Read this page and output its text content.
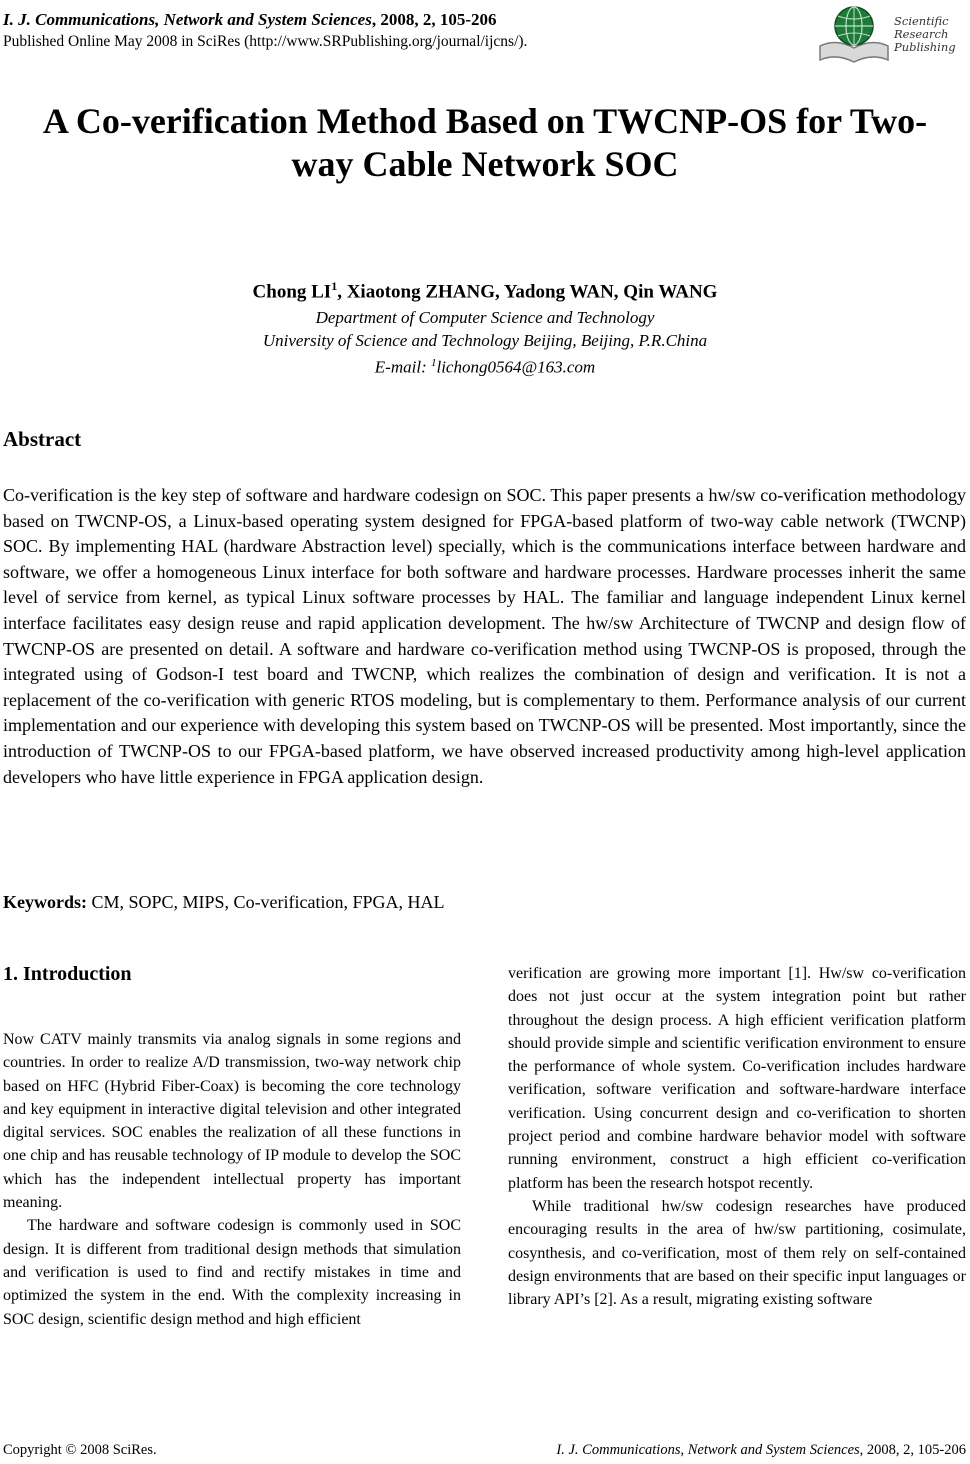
I. J. Communications, Network and System Sciences, 2008, 2, 105-206
Published Online May 2008 in SciRes (http://www.SRPublishing.org/journal/ijcns/).
Scientific
Research
Publishing
A Co-verification Method Based on TWCNP-OS for Two-
way Cable Network SOC
Chong $LI^1$, Xiaotong ZHANG, Yadong WAN, Qin WANG
Department of Computer Science and Technology
University of Science and Technology Beijing, Beijing, P.R.China
E-mail: $^1$lichong0564@163.com
Abstract
Co-verification is the key step of software and hardware codesign on SOC. This paper presents a hw/sw co-verification methodology based on TWCNP-OS, a Linux-based operating system designed for FPGA-based platform of two-way cable network (TWCNP) SOC. By implementing HAL (hardware Abstraction level) specially, which is the communications interface between hardware and software, we offer a homogeneous Linux interface for both software and hardware processes. Hardware processes inherit the same level of service from kernel, as typical Linux software processes by HAL. The familiar and language independent Linux kernel interface facilitates easy design reuse and rapid application development. The hw/sw Architecture of TWCNP and design flow of TWCNP-OS are presented on detail. A software and hardware co-verification method using TWCNP-OS is proposed, through the integrated using of Godson-I test board and TWCNP, which realizes the combination of design and verification. It is not a replacement of the co-verification with generic RTOS modeling, but is complementary to them. Performance analysis of our current implementation and our experience with developing this system based on TWCNP-OS will be presented. Most importantly, since the introduction of TWCNP-OS to our FPGA-based platform, we have observed increased productivity among high-level application developers who have little experience in FPGA application design.
Keywords: CM, SOPC, MIPS, Co-verification, FPGA, HAL
1. Introduction

Now CATV mainly transmits via analog signals in some regions and countries. In order to realize A/D transmission, two-way network chip based on HFC (Hybrid Fiber-Coax) is becoming the core technology and key equipment in interactive digital television and other integrated digital services. SOC enables the realization of all these functions in one chip and has reusable technology of IP module to develop the SOC which has the independent intellectual property has important meaning.

The hardware and software codesign is commonly used in SOC design. It is different from traditional design methods that simulation and verification is used to find and rectify mistakes in time and optimized the system in the end. With the complexity increasing in SOC design, scientific design method and high efficient

verification are growing more important [1]. Hw/sw co-verification does not just occur at the system integration point but rather throughout the design process. A high efficient verification platform should provide simple and scientific verification environment to ensure the performance of whole system. Co-verification includes hardware verification, software verification and software-hardware interface verification. Using concurrent design and co-verification to shorten project period and combine hardware behavior model with software running environment, construct a high efficient co-verification platform has been the research hotspot recently.

While traditional hw/sw codesign researches have produced encouraging results in the area of hw/sw partitioning, cosimulate, cosynthesis, and co-verification, most of them rely on self-contained design environments that are based on their specific input languages or library API’s [2]. As a result, migrating existing software

Copyright © 2008 SciRes.	I. J. Communications, Network and System Sciences, 2008, 2, 105-206
